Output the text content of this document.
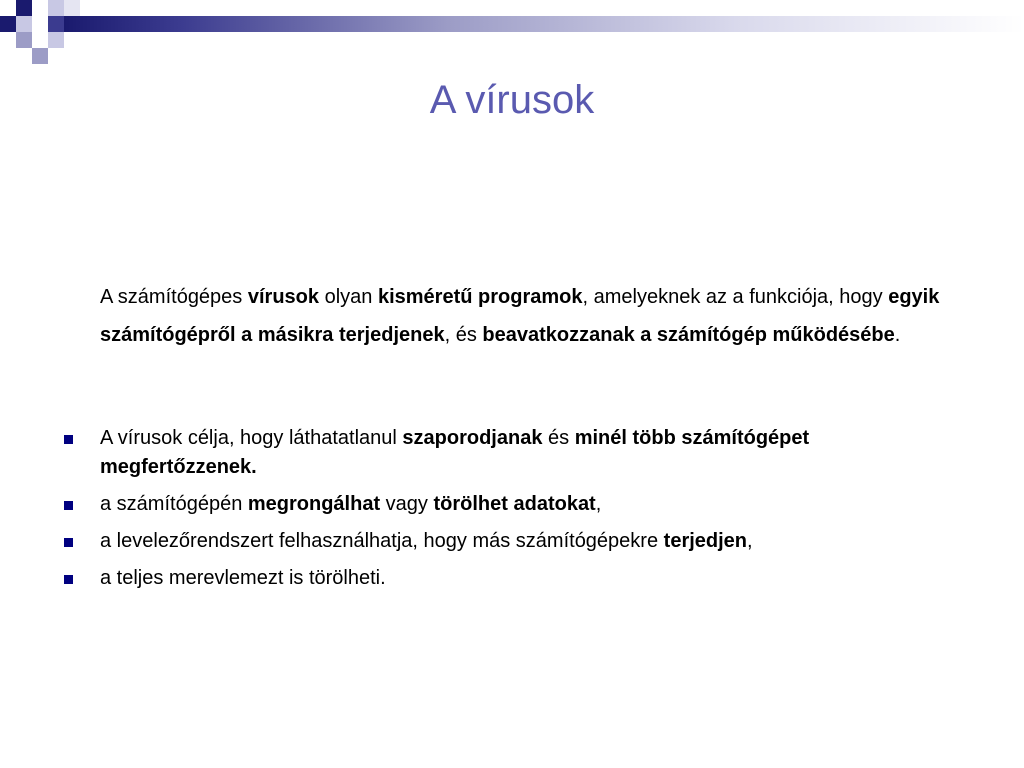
A vírusok

A számítógépes vírusok olyan kisméretű programok, amelyeknek az a funkciója, hogy egyik számítógépről a másikra terjedjenek, és beavatkozzanak a számítógép működésébe.

A vírusok célja, hogy láthatatlanul szaporodjanak és minél több számítógépet megfertőzzenek.
a számítógépén megrongálhat vagy törölhet adatokat,
a levelezőrendszert felhasználhatja, hogy más számítógépekre terjedjen,
a teljes merevlemezt is törölheti.
